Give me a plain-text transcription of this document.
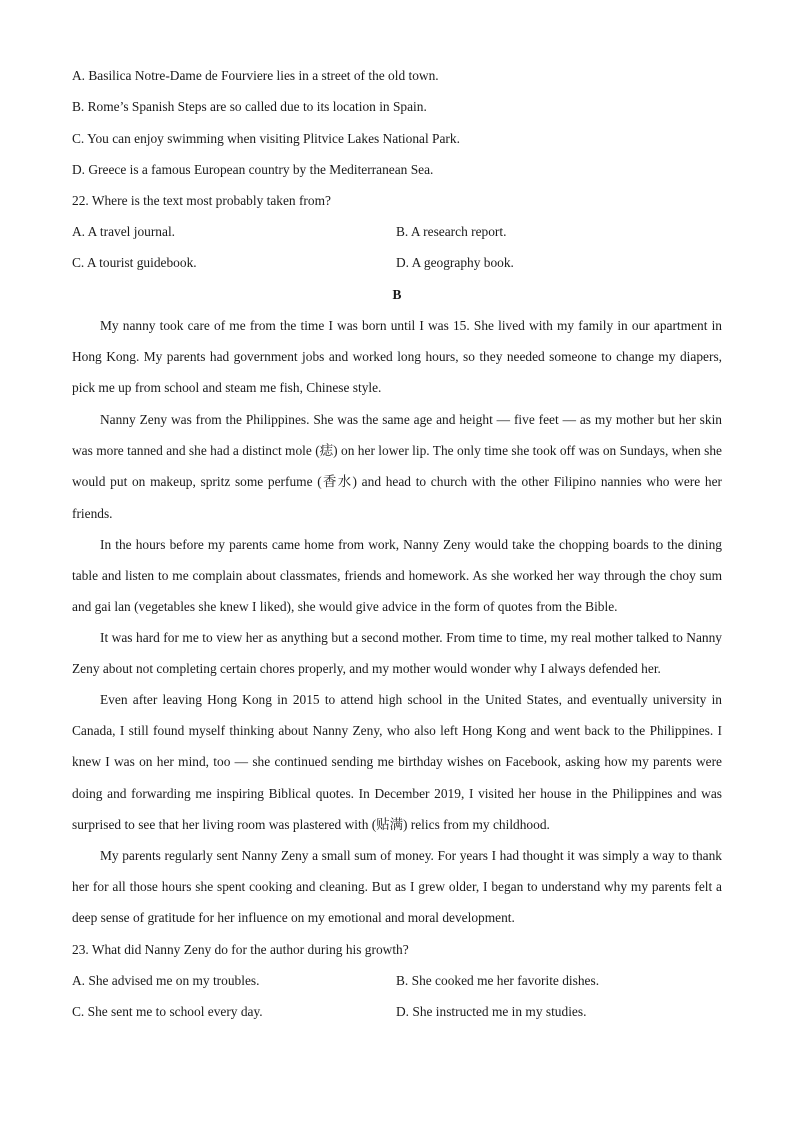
A. Basilica Notre-Dame de Fourviere lies in a street of the old town.
B. Rome’s Spanish Steps are so called due to its location in Spain.
C. You can enjoy swimming when visiting Plitvice Lakes National Park.
D. Greece is a famous European country by the Mediterranean Sea.
22. Where is the text most probably taken from?
A. A travel journal.	B. A research report.
C. A tourist guidebook.	D. A geography book.
B
My nanny took care of me from the time I was born until I was 15. She lived with my family in our apartment in Hong Kong. My parents had government jobs and worked long hours, so they needed someone to change my diapers, pick me up from school and steam me fish, Chinese style.
Nanny Zeny was from the Philippines. She was the same age and height — five feet — as my mother but her skin was more tanned and she had a distinct mole (痣) on her lower lip. The only time she took off was on Sundays, when she would put on makeup, spritz some perfume (香水) and head to church with the other Filipino nannies who were her friends.
In the hours before my parents came home from work, Nanny Zeny would take the chopping boards to the dining table and listen to me complain about classmates, friends and homework. As she worked her way through the choy sum and gai lan (vegetables she knew I liked), she would give advice in the form of quotes from the Bible.
It was hard for me to view her as anything but a second mother. From time to time, my real mother talked to Nanny Zeny about not completing certain chores properly, and my mother would wonder why I always defended her.
Even after leaving Hong Kong in 2015 to attend high school in the United States, and eventually university in Canada, I still found myself thinking about Nanny Zeny, who also left Hong Kong and went back to the Philippines. I knew I was on her mind, too — she continued sending me birthday wishes on Facebook, asking how my parents were doing and forwarding me inspiring Biblical quotes. In December 2019, I visited her house in the Philippines and was surprised to see that her living room was plastered with (贴满) relics from my childhood.
My parents regularly sent Nanny Zeny a small sum of money. For years I had thought it was simply a way to thank her for all those hours she spent cooking and cleaning. But as I grew older, I began to understand why my parents felt a deep sense of gratitude for her influence on my emotional and moral development.
23. What did Nanny Zeny do for the author during his growth?
A. She advised me on my troubles.	B. She cooked me her favorite dishes.
C. She sent me to school every day.	D. She instructed me in my studies.
